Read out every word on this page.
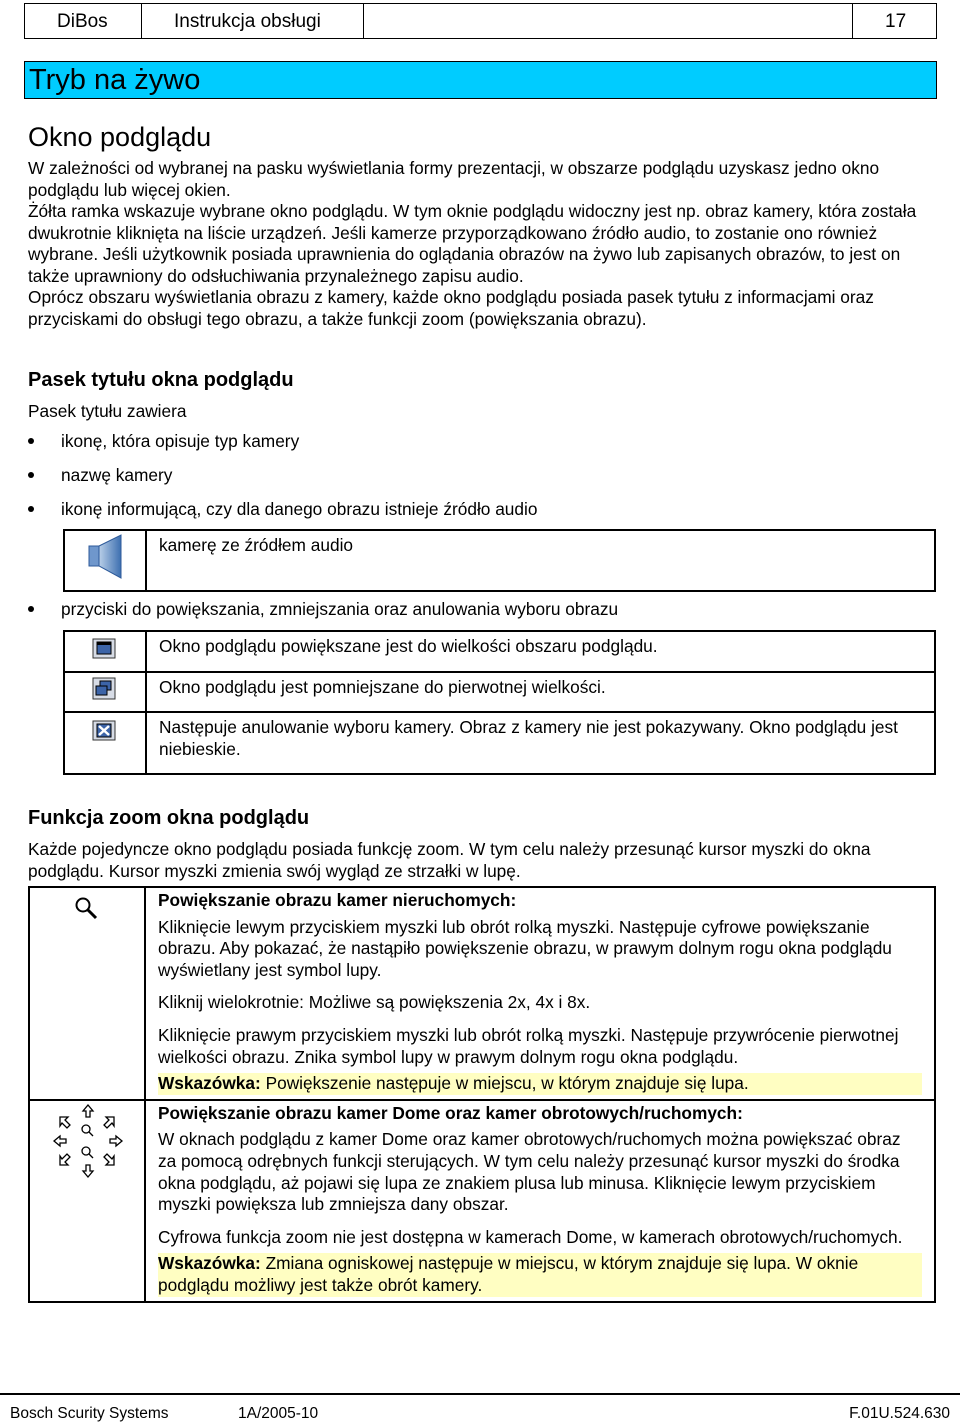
DiBos	Instrukcja obsługi	17
Tryb na żywo
Okno podglądu
W zależności od wybranej na pasku wyświetlania formy prezentacji, w obszarze podglądu uzyskasz jedno okno podglądu lub więcej okien.
Żółta ramka wskazuje wybrane okno podglądu. W tym oknie podglądu widoczny jest np. obraz kamery, która została dwukrotnie kliknięta na liście urządzeń. Jeśli kamerze przyporządkowano źródło audio, to zostanie ono również wybrane. Jeśli użytkownik posiada uprawnienia do oglądania obrazów na żywo lub zapisanych obrazów, to jest on także uprawniony do odsłuchiwania przynależnego zapisu audio.
Oprócz obszaru wyświetlania obrazu z kamery, każde okno podglądu posiada pasek tytułu z informacjami oraz przyciskami do obsługi tego obrazu, a także funkcji zoom (powiększania obrazu).
Pasek tytułu okna podglądu
Pasek tytułu zawiera
ikonę, która opisuje typ kamery
nazwę kamery
ikonę informującą, czy dla danego obrazu istnieje źródło audio
	kamerę ze źródłem audio
przyciski do powiększania, zmniejszania oraz anulowania wyboru obrazu
	Okno podglądu powiększane jest do wielkości obszaru podglądu.
	Okno podglądu jest pomniejszane do pierwotnej wielkości.
	Następuje anulowanie wyboru kamery. Obraz z kamery nie jest pokazywany. Okno podglądu jest niebieskie.
Funkcja zoom okna podglądu
Każde pojedyncze okno podglądu posiada funkcję zoom. W tym celu należy przesunąć kursor myszki do okna podglądu. Kursor myszki zmienia swój wygląd ze strzałki w lupę.

Powiększanie obrazu kamer nieruchomych:
Kliknięcie lewym przyciskiem myszki lub obrót rolką myszki. Następuje cyfrowe powiększanie obrazu. Aby pokazać, że nastąpiło powiększenie obrazu, w prawym dolnym rogu okna podglądu wyświetlany jest symbol lupy.
Kliknij wielokrotnie: Możliwe są powiększenia 2x, 4x i 8x.
Kliknięcie prawym przyciskiem myszki lub obrót rolką myszki. Następuje przywrócenie pierwotnej wielkości obrazu. Znika symbol lupy w prawym dolnym rogu okna podglądu.
Wskazówka: Powiększenie następuje w miejscu, w którym znajduje się lupa.

Powiększanie obrazu kamer Dome oraz kamer obrotowych/ruchomych:
W oknach podglądu z kamer Dome oraz kamer obrotowych/ruchomych można powiększać obraz za pomocą odrębnych funkcji sterujących. W tym celu należy przesunąć kursor myszki do środka okna podglądu, aż pojawi się lupa ze znakiem plusa lub minusa. Kliknięcie lewym przyciskiem myszki powiększa lub zmniejsza dany obszar.
Cyfrowa funkcja zoom nie jest dostępna w kamerach Dome, w kamerach obrotowych/ruchomych.
Wskazówka: Zmiana ogniskowej następuje w miejscu, w którym znajduje się lupa. W oknie podglądu możliwy jest także obrót kamery.
Bosch Scurity Systems	1A/2005-10	F.01U.524.630
